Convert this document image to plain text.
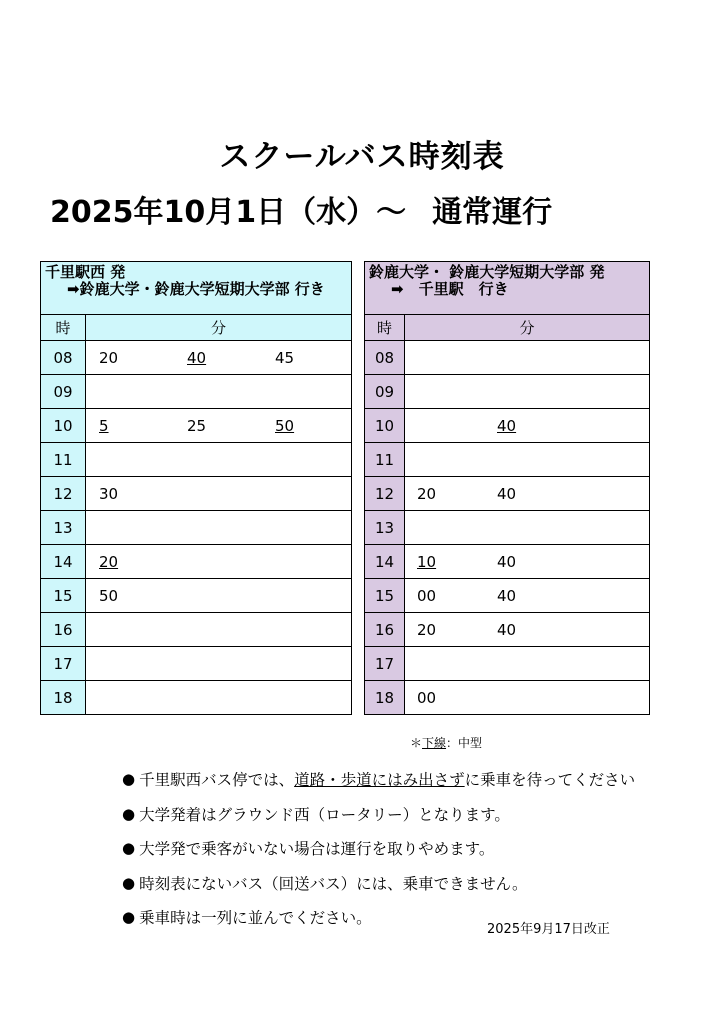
スクールバス時刻表
2025年10月1日（水）～ 通常運行
千里駅西 発
➡鈴鹿大学・鈴鹿大学短期大学部 行き	

時	分
08	20 40 45

09	
10	5 25 50

11	
12	30

13	
14	20

15	50

16	
17	
18	
鈴鹿大学・ 鈴鹿大学短期大学部 発
➡　千里駅　行き	

時	分
08	
09	
10	40

11	
12	20 40

13	
14	10 40

15	00 40

16	20 40

17	
18	00
＊下線：中型
● 千里駅西バス停では、 道路・歩道にはみ出さず に乗車を待ってください
● 大学発着はグラウンド西（ロータリー）となります。
● 大学発で乗客がいない場合は運行を取りやめます。
● 時刻表にないバス（回送バス）には、乗車できません。
● 乗車時は一列に並んでください。
2025年9月17日改正
